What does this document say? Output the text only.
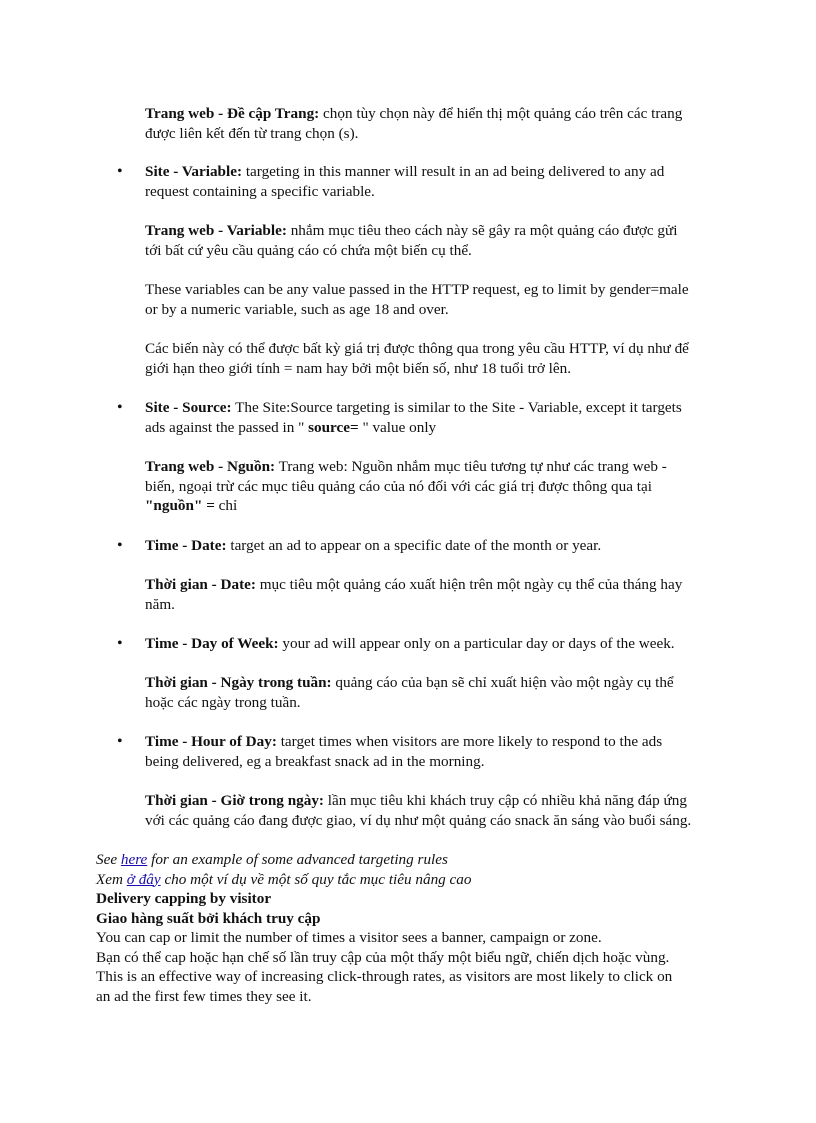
Trang web - Đề cập Trang: chọn tùy chọn này để hiển thị một quảng cáo trên các trang
được liên kết đến từ trang chọn (s).

• Site - Variable: targeting in this manner will result in an ad being delivered to any ad
request containing a specific variable.

Trang web - Variable: nhắm mục tiêu theo cách này sẽ gây ra một quảng cáo được gửi
tới bất cứ yêu cầu quảng cáo có chứa một biến cụ thể.

These variables can be any value passed in the HTTP request, eg to limit by gender=male
or by a numeric variable, such as age 18 and over.

Các biến này có thể được bất kỳ giá trị được thông qua trong yêu cầu HTTP, ví dụ như để
giới hạn theo giới tính = nam hay bởi một biến số, như 18 tuổi trở lên.

• Site - Source: The Site:Source targeting is similar to the Site - Variable, except it targets
ads against the passed in " source= " value only

Trang web - Nguồn: Trang web: Nguồn nhắm mục tiêu tương tự như các trang web -
biến, ngoại trừ các mục tiêu quảng cáo của nó đối với các giá trị được thông qua tại
"nguồn" = chỉ

• Time - Date: target an ad to appear on a specific date of the month or year.

Thời gian - Date: mục tiêu một quảng cáo xuất hiện trên một ngày cụ thể của tháng hay
năm.

• Time - Day of Week: your ad will appear only on a particular day or days of the week.

Thời gian - Ngày trong tuần: quảng cáo của bạn sẽ chỉ xuất hiện vào một ngày cụ thể
hoặc các ngày trong tuần.

• Time - Hour of Day: target times when visitors are more likely to respond to the ads
being delivered, eg a breakfast snack ad in the morning.

Thời gian - Giờ trong ngày: lần mục tiêu khi khách truy cập có nhiều khả năng đáp ứng
với các quảng cáo đang được giao, ví dụ như một quảng cáo snack ăn sáng vào buổi sáng.

See here for an example of some advanced targeting rules
Xem ở đây cho một ví dụ về một số quy tắc mục tiêu nâng cao
Delivery capping by visitor
Giao hàng suất bởi khách truy cập
You can cap or limit the number of times a visitor sees a banner, campaign or zone.
Bạn có thể cap hoặc hạn chế số lần truy cập của một thấy một biểu ngữ, chiến dịch hoặc vùng.
This is an effective way of increasing click-through rates, as visitors are most likely to click on
an ad the first few times they see it.
